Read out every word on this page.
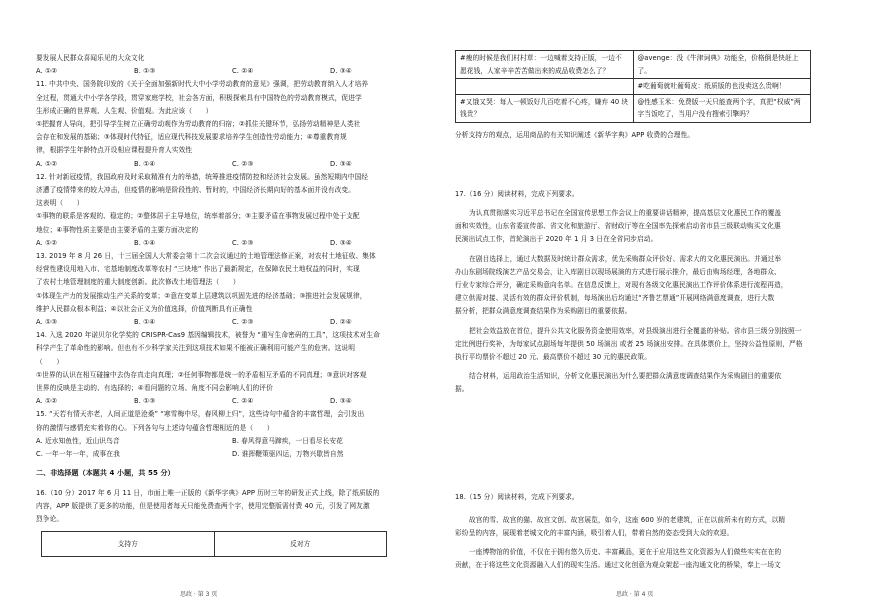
要发展人民群众喜闻乐见的大众文化
A. ①②	B. ①③	C. ②④	D. ③④
11. 中共中央、国务院印发的《关于全面加强新时代大中小学劳动教育的意见》强调，把劳动教育纳入人才培养
全过程，贯通大中小学各学段，贯穿家庭学校，社会各方面，积极探索具有中国特色的劳动教育模式，促进学
生形成正确的世界观、人生观、价值观。为此应该（　　）
①把握育人导向，把引导学生树立正确劳动观作为劳动教育的归宿；②抓住关键环节，弘扬劳动精神是人类社
会存在和发展的基础；③体现时代特征，适应现代科技发展要求培养学生创造性劳动能力；④尊重教育规
律，根据学生年龄特点开设相应课程提升育人实效性
A. ①②	B. ①④	C. ②③	D. ③④
12. 针对新冠疫情，我国政府及时采取精准有力的举措，统筹推进疫情防控和经济社会发展。虽然短期内中国经
济遭了疫情带来的较大冲击，但疫情的影响是阶段性的、暂时的，中国经济长期向好的基本面并没有改变。
这表明（　　）
①事物的联系是客观的、稳定的；②整体居于主导地位，统率着部分；③主要矛盾在事物发展过程中处于支配
地位；④事物性质主要是由主要矛盾的主要方面决定的
A. ①②	B. ①④	C. ②③	D. ③④
13. 2019 年 8 月 26 日，十三届全国人大常委会第十二次会议通过的土地管理法修正案，对农村土地征收、集体
经营性建设用地入市、宅基地制度改革等农村 “三块地” 作出了最新规定，在保障农民土地权益的同时，实现
了农村土地管理制度的重大制度创新。此次修改土地管理法（　　）
①体现生产力的发展推动生产关系的变革；②意在变革上层建筑以巩固先进的经济基础；③推进社会发展规律，
维护人民群众根本利益；④以社会正义为价值选择，价值判断具有正确性
A. ①③	B. ①④	C. ②③	D. ②④
14. 入选 2020 年诺贝尔化学奖的 CRISPR-Cas9 基因编辑技术，被誉为 “重写生命密码的工具”，这项技术对生命
科学产生了革命性的影响。但也有不少科学家关注到这项技术如果不能被正确利用可能产生的危害。这说明
（　　）
①世界的认识在相互碰撞中去伪存真走向真理；②任何事物都是统一的矛盾相互矛盾的不同真理；③意识对客观
世界的反映是主动的、有选择的；④看问题的立场、角度不同会影响人们的评价
A. ①②	B. ①③	C. ②④	D. ③④
15. “天若有情天亦老，人间正道是沧桑” “寒雪梅中尽，春风柳上归”，这些诗句中蕴含的丰富哲理，会引发出
你的激情与感情充实着你的心。下列各句与上述诗句蕴含哲理相近的是（　　）
A. 近水知鱼性，近山识鸟音	B. 春风得意马蹄疾，一日看尽长安花
C. 一年一年一年，成事在我	D. 谁挥鞭策驱四运，万物兴歇皆自然
二、非选择题（本题共 4 小题，共 55 分）
16.（10 分）2017 年 6 月 11 日，市面上唯一正版的《新华字典》APP 历时三年的研发正式上线，除了纸质版的
内容，APP 版提供了更多的功能，但是使用者每天只能免费查两个字，使用完整版需付费 40 元，引发了网友激
烈争论。
支持方	反对方
#瘦的时候是我们村村草：一边喊着支持正版，一边不愿花钱，人家辛辛苦苦做出来的成品收费怎么了？	@avenge：没《牛津词典》功能全，价格倒是快赶上了。
	#吃葡萄就吐葡萄皮：纸质版的也没卖这么贵啊！
#又饿又哭：每人一顿饭好几百吃着不心疼，嫌弃 40 块钱贵？	@性感玉米：免费版一天只能查两个字，真把“权威”两字当饭吃了，当用户没有搜索引擎吗？
分析支持方的观点，运用商品的有关知识阐述《新华字典》APP 收费的合理性。
17.（16 分）阅读材料，完成下列要求。
为认真贯彻落实习近平总书记在全国宣传思想工作会议上的重要讲话精神，提高基层文化惠民工作的覆盖
面和实效性，山东省委宣传部、省文化和旅游厅、省财政厅等在全国率先探索启动省市县三级联动购买文化惠
民演出试点工作，首轮演出于 2020 年 1 月 3 日在全省同步启动。
在剧目选择上，通过大数据及时统计群众需求，优先采购群众评价好、需求大的文化惠民演出。并通过举
办山东剧场院线演艺产品交易会，让入库剧目以现场展演的方式进行展示推介，最后由购场经理，各地群众、
行业专家综合评分，确定采购意向名单。在信息反馈上，对现有各级文化惠民演出工作评价体系进行流程再造，
建立供需对接、灵活有效的群众评价机制，每场演出后均通过“齐鲁艺票通”开展网络满意度调查，进行大数
据分析，把群众满意度调查结果作为采购剧目的重要依据。
把社会效益放在首位，提升公共文化服务资金使用效率，对县级演出进行全覆盖的补贴。省市县三级分别按照一
定比例进行奖补，为每家试点剧场每年提供 50 场演出 或者 25 场演出安排。在具体票价上，坚持公益性原则，严格
执行平均票价不超过 20 元、最高票价不超过 30 元的惠民政策。
结合材料，运用政治生活知识，分析文化惠民演出为什么要把群众满意度调查结果作为采购剧目的重要依
据。
18.（15 分）阅读材料，完成下列要求。
故宫的雪、故宫的猫、故宫文创、故宫展览，如今，这座 600 岁的老建筑，正在以前所未有的方式，以精
彩纷呈的内容，展现着老城文化的丰富内涵，吸引着人们，带着自然的姿态受到大众的欢迎。
一座博物馆的价值，不仅在于拥有悠久历史、丰富藏品，更在于应用这些文化资源为人们做些实实在在的
贡献，在于将这些文化资源融入人们的现实生活。通过文化创意为观众架起一座沟通文化的桥梁，奉上一场文
思政 · 第 3 页	思政 · 第 4 页
